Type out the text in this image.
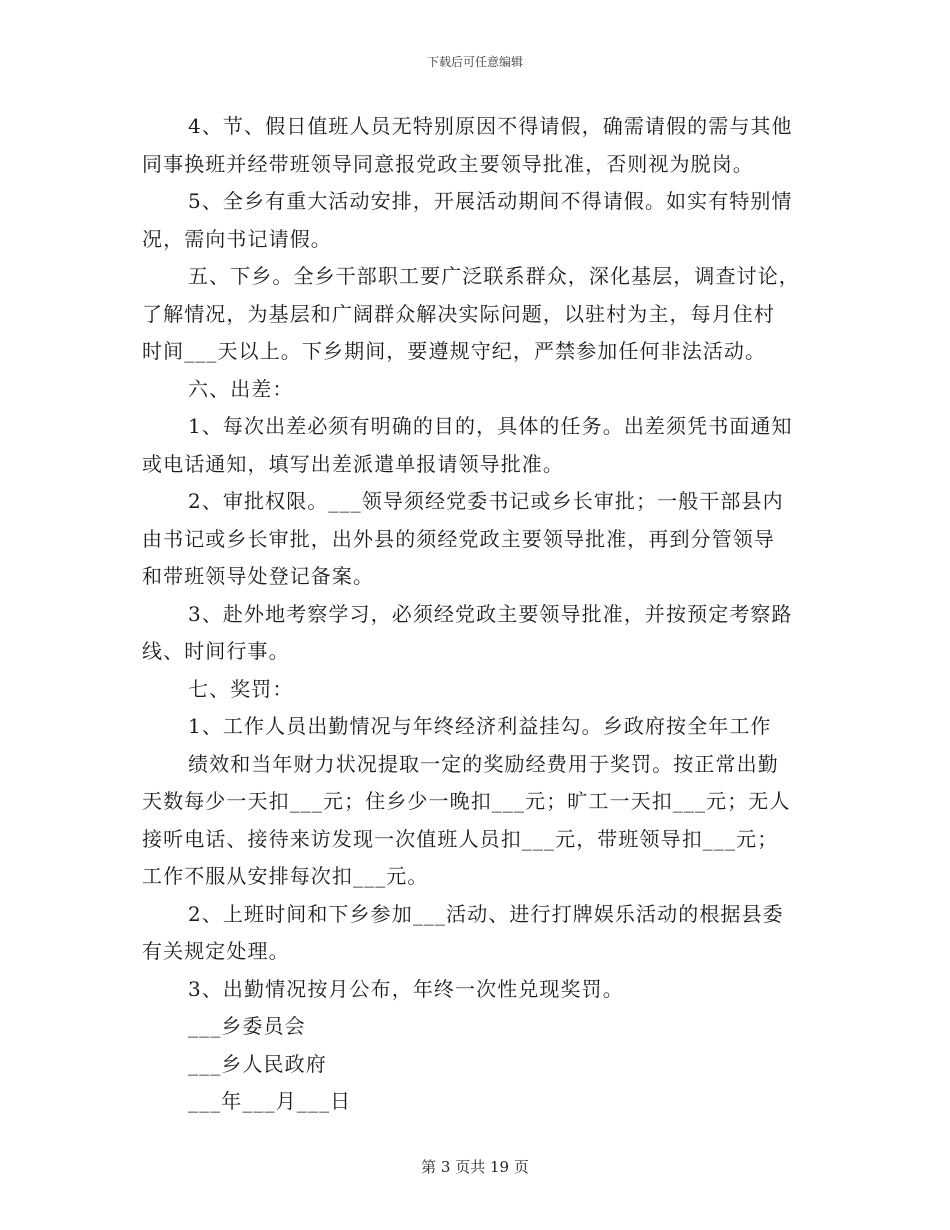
下载后可任意编辑
4、节、假日值班人员无特别原因不得请假，确需请假的需与其他
同事换班并经带班领导同意报党政主要领导批准，否则视为脱岗。
5、全乡有重大活动安排，开展活动期间不得请假。如实有特别情
况，需向书记请假。
五、下乡。全乡干部职工要广泛联系群众，深化基层，调查讨论，
了解情况，为基层和广阔群众解决实际问题，以驻村为主，每月住村
时间___天以上。下乡期间，要遵规守纪，严禁参加任何非法活动。
六、出差：
1、每次出差必须有明确的目的，具体的任务。出差须凭书面通知
或电话通知，填写出差派遣单报请领导批准。
2、审批权限。___领导须经党委书记或乡长审批；一般干部县内
由书记或乡长审批，出外县的须经党政主要领导批准，再到分管领导
和带班领导处登记备案。
3、赴外地考察学习，必须经党政主要领导批准，并按预定考察路
线、时间行事。
七、奖罚：
1、工作人员出勤情况与年终经济利益挂勾。乡政府按全年工作
绩效和当年财力状况提取一定的奖励经费用于奖罚。按正常出勤
天数每少一天扣___元；住乡少一晚扣___元；旷工一天扣___元；无人
接听电话、接待来访发现一次值班人员扣___元，带班领导扣___元；
工作不服从安排每次扣___元。
2、上班时间和下乡参加___活动、进行打牌娱乐活动的根据县委
有关规定处理。
3、出勤情况按月公布，年终一次性兑现奖罚。
___乡委员会
___乡人民政府
___年___月___日
第 3 页共 19 页
